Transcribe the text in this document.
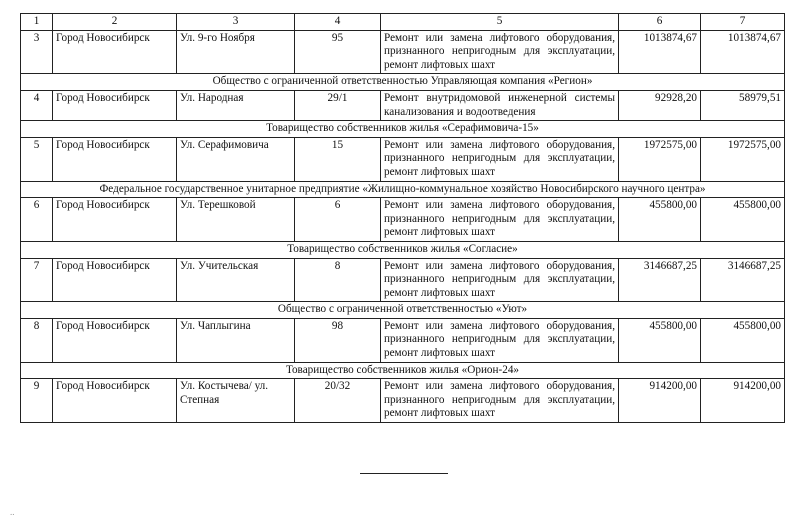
1	2	3	4	5	6	7
3	Город Новосибирск	Ул. 9-го Ноября	95	Ремонт или замена лифтового оборудования, признанного непригодным для эксплуатации, ремонт лифтовых шахт	1013874,67	1013874,67
Общество с ограниченной ответственностью Управляющая компания «Регион»						
4	Город Новосибирск	Ул. Народная	29/1	Ремонт внутридомовой инженерной системы канализования и водоотведения	92928,20	58979,51
Товарищество собственников жилья «Серафимовича-15»						
5	Город Новосибирск	Ул. Серафимовича	15	Ремонт или замена лифтового оборудования, признанного непригодным для эксплуатации, ремонт лифтовых шахт	1972575,00	1972575,00
Федеральное государственное унитарное предприятие «Жилищно-коммунальное хозяйство Новосибирского научного центра»						
6	Город Новосибирск	Ул. Терешковой	6	Ремонт или замена лифтового оборудования, признанного непригодным для эксплуатации, ремонт лифтовых шахт	455800,00	455800,00
Товарищество собственников жилья «Согласие»						
7	Город Новосибирск	Ул. Учительская	8	Ремонт или замена лифтового оборудования, признанного непригодным для эксплуатации, ремонт лифтовых шахт	3146687,25	3146687,25
Общество с ограниченной ответственностью «Уют»						
8	Город Новосибирск	Ул. Чаплыгина	98	Ремонт или замена лифтового оборудования, признанного непригодным для эксплуатации, ремонт лифтовых шахт	455800,00	455800,00
Товарищество собственников жилья «Орион-24»						
9	Город Новосибирск	Ул. Костычева/ ул. Степная	20/32	Ремонт или замена лифтового оборудования, признанного непригодным для эксплуатации, ремонт лифтовых шахт	914200,00	914200,00
..
